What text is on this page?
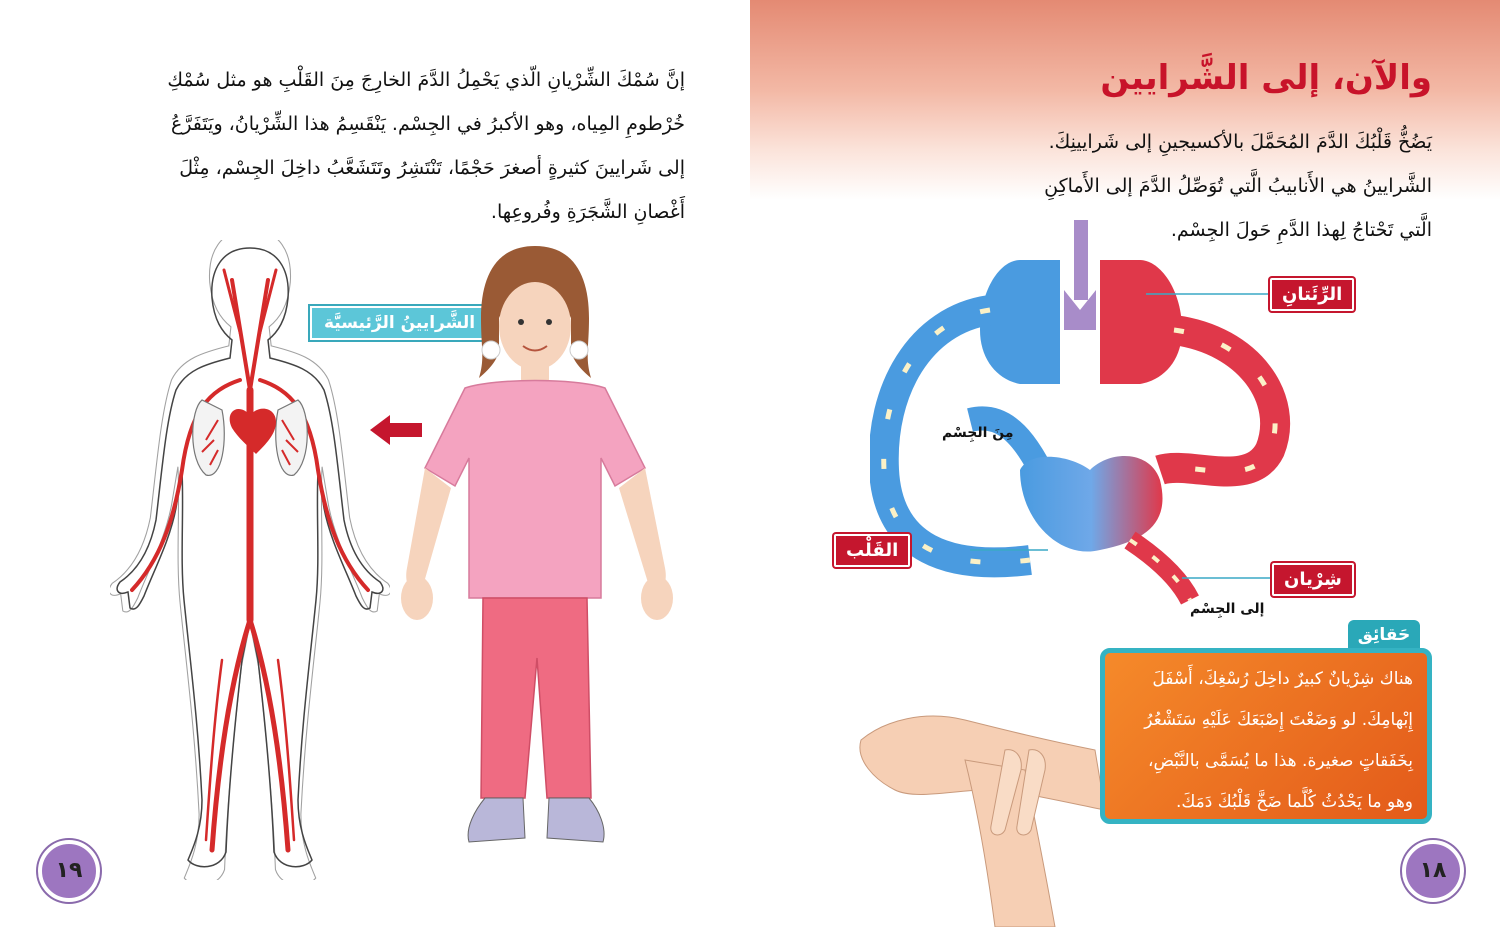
إنَّ سُمْكَ الشِّرْيانِ الّذي يَحْمِلُ الدَّمَ الخارِجَ مِنَ القَلْبِ هو مثل سُمْكِ
خُرْطومِ المِياه، وهو الأكبرُ في الجِسْم. يَنْقَسِمُ هذا الشِّرْيانُ، ويَتَفَرَّعُ
إلى شَرايينَ كثيرةٍ أصغرَ حَجْمًا، تَنْتَشِرُ وتَتَشَعَّبُ داخِلَ الجِسْم، مِثْلَ
أَغْصانِ الشَّجَرَةِ وفُروعِها.
الشَّرايينُ الرَّئيسيَّة
١٩
والآن، إلى الشَّرايين
يَضُخُّ قَلْبُكَ الدَّمَ المُحَمَّلَ بالأكسيجينِ إلى شَرايينِكَ.
الشَّرايينُ هي الأَنابيبُ الَّتي تُوَصِّلُ الدَّمَ إلى الأَماكِنِ
الَّتي تَحْتاجُ لِهذا الدَّمِ حَولَ الجِسْم.
الرِّئَتانِ
القَلْب
شِرْيان
مِنَ الجِسْم
إلى الجِسْم
حَقائِق
هناك شِرْيانٌ كبيرٌ داخِلَ رُسْغِكَ، أَسْفَلَ
إِبْهامِكَ. لو وَضَعْتَ إِصْبَعَكَ عَلَيْهِ سَتَشْعُرُ
بِخَفَقاتٍ صغيرة. هذا ما يُسَمَّى بالنَّبْضِ،
وهو ما يَحْدُثُ كُلَّما ضَخَّ قَلْبُكَ دَمَكَ.
١٨
